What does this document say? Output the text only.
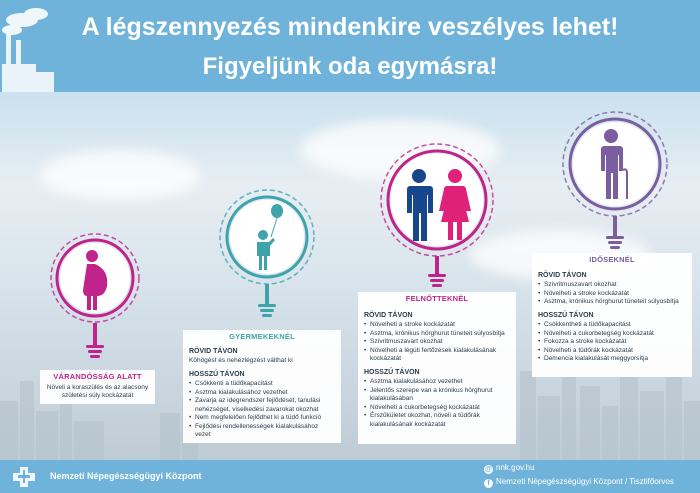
A légszennyezés mindenkire veszélyes lehet!
Figyeljünk oda egymásra!
VÁRANDÓSSÁG ALATT
Növeli a koraszülés és az alacsony születési súly kockázatát
GYERMEKEKNÉL
RÖVID TÁVON
Köhögést és nehézlégzést válthat ki
HOSSZÚ TÁVON
• Csökkenti a tüdőkapacitást
• Asztma kialakulásához vezethet
• Zavarja az idegrendszer fejlődését, tanulási nehézséget, viselkedési zavarokat okozhat
• Nem megfelelően fejlődhet ki a tüdő funkció
• Fejlődési rendellenességek kialakulásához vezet
FELNŐTTEKNÉL
RÖVID TÁVON
• Növelheti a stroke kockázatát
• Asztma, krónikus hörghurut tüneteit súlyosbítja
• Szívritmuszavart okozhat
• Növelheti a légúti fertőzések kialakulásának kockázatát
HOSSZÚ TÁVON
• Asztma kialakulásához vezethet
• Jelentős szerepe van a krónikus hörghurut kialakulásában
• Növelheti a cukorbetegség kockázatát
• Érszűkületet okozhat, növeli a tüdőrák kialakulásának kockázatát
IDŐSEKNÉL
RÖVID TÁVON
• Szívritmuszavart okozhat
• Növelheti a stroke kockázatát
• Asztma, krónikus hörghurut tüneteit súlyosbítja
HOSSZÚ TÁVON
• Csökkentheti a tüdőkapacitást
• Növelheti a cukorbetegség kockázatát
• Fokozza a stroke kockázatát
• Növelheti a tüdőrák kockázatát
• Demencia kialakulását meggyorsítja
Nemzeti Népegészségügyi Központ
@ nnk.gov.hu
f Nemzeti Népegészségügyi Központ / Tisztifőorvos
